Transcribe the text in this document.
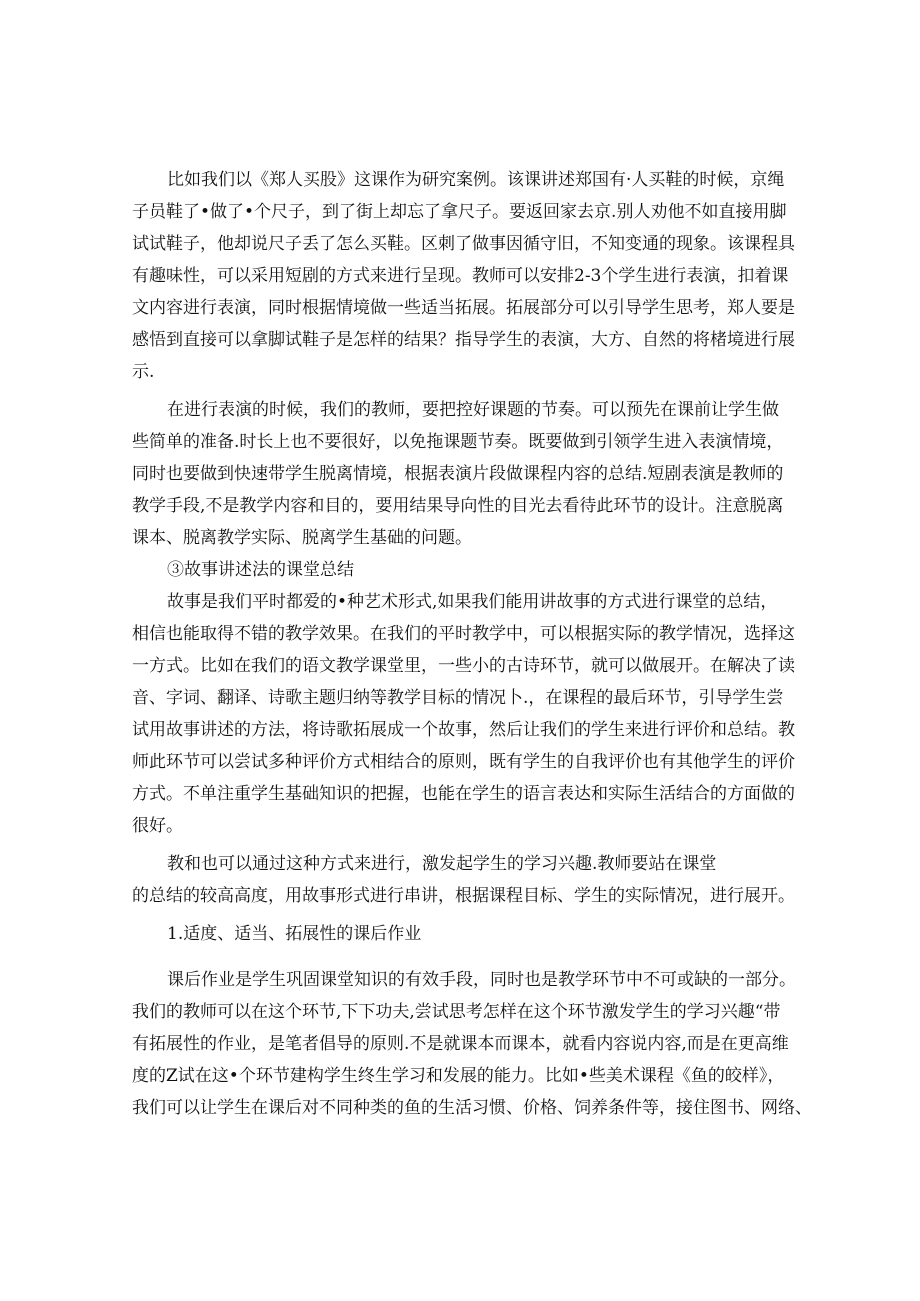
比如我们以《郑人买股》这课作为研究案例。该课讲述郑国有·人买鞋的时候，京绳
子员鞋了•做了•个尺子，到了街上却忘了拿尺子。要返回家去京.别人劝他不如直接用脚
试试鞋子，他却说尺子丢了怎么买鞋。区刺了做事因循守旧，不知变通的现象。该课程具
有趣味性，可以采用短剧的方式来进行呈现。教师可以安排2-3个学生进行表演，扣着课
文内容进行表演，同时根据情境做一些适当拓展。拓展部分可以引导学生思考，郑人要是
感悟到直接可以拿脚试鞋子是怎样的结果？指导学生的表演，大方、自然的将楮境进行展
示.

在进行表演的时候，我们的教师，要把控好课题的节奏。可以预先在课前让学生做
些简单的准备.时长上也不要很好，以免拖课题节奏。既要做到引领学生进入表演情境，
同时也要做到快速带学生脱离情境，根据表演片段做课程内容的总结.短剧表演是教师的
教学手段,不是教学内容和目的，要用结果导向性的目光去看待此环节的设计。注意脱离
课本、脱离教学实际、脱离学生基础的问题。

③故事讲述法的课堂总结

故事是我们平时都爱的•种艺术形式,如果我们能用讲故事的方式进行课堂的总结，
相信也能取得不错的教学效果。在我们的平时教学中，可以根据实际的教学情况，选择这
一方式。比如在我们的语文教学课堂里，一些小的古诗环节，就可以做展开。在解决了读
音、字词、翻译、诗歌主题归纳等教学目标的情况卜.，在课程的最后环节，引导学生尝
试用故事讲述的方法，将诗歌拓展成一个故事，然后让我们的学生来进行评价和总结。教
师此环节可以尝试多种评价方式相结合的原则，既有学生的自我评价也有其他学生的评价
方式。不单注重学生基础知识的把握，也能在学生的语言表达和实际生活结合的方面做的
很好。

教和也可以通过这种方式来进行，激发起学生的学习兴趣.教师要站在课堂
的总结的较高高度，用故事形式进行串讲，根据课程目标、学生的实际情况，进行展开。

1.适度、适当、拓展性的课后作业

课后作业是学生巩固课堂知识的有效手段，同时也是教学环节中不可或缺的一部分。
我们的教师可以在这个环节,下下功夫,尝试思考怎样在这个环节激发学生的学习兴趣“带
有拓展性的作业，是笔者倡导的原则.不是就课本而课本，就看内容说内容,而是在更高维
度的Z试在这•个环节建构学生终生学习和发展的能力。比如•些美术课程《鱼的皎样》，
我们可以让学生在课后对不同种类的鱼的生活习惯、价格、饲养条件等，接住图书、网络、
